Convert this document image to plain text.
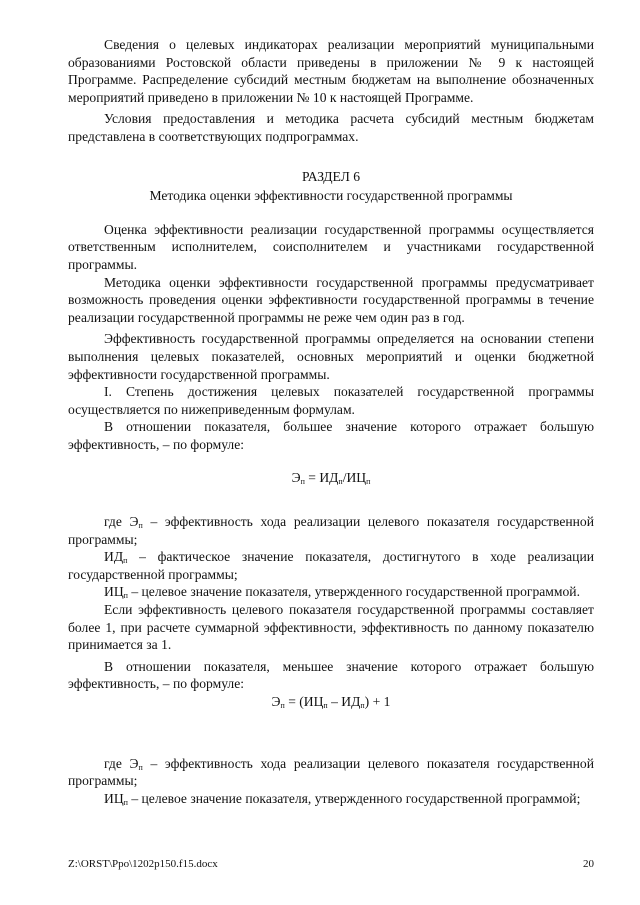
Сведения о целевых индикаторах реализации мероприятий муниципальными образованиями Ростовской области приведены в приложении № 9 к настоящей Программе. Распределение субсидий местным бюджетам на выполнение обозначенных мероприятий приведено в приложении № 10 к настоящей Программе.

Условия предоставления и методика расчета субсидий местным бюджетам представлена в соответствующих подпрограммах.

РАЗДЕЛ 6

Методика оценки эффективности государственной программы

Оценка эффективности реализации государственной программы осуществляется ответственным исполнителем, соисполнителем и участниками государственной программы.

Методика оценки эффективности государственной программы предусматривает возможность проведения оценки эффективности государственной программы в течение реализации государственной программы не реже чем один раз в год.

Эффективность государственной программы определяется на основании степени выполнения целевых показателей, основных мероприятий и оценки бюджетной эффективности государственной программы.

I. Степень достижения целевых показателей государственной программы осуществляется по нижеприведенным формулам.

В отношении показателя, большее значение которого отражает большую эффективность, – по формуле:

$Э_п = ИД_п/ИЦ_п$

где $Э_п$ – эффективность хода реализации целевого показателя государственной программы;

$ИД_п$ – фактическое значение показателя, достигнутого в ходе реализации государственной программы;

$ИЦ_п$ – целевое значение показателя, утвержденного государственной программой.

Если эффективность целевого показателя государственной программы составляет более 1, при расчете суммарной эффективности, эффективность по данному показателю принимается за 1.

В отношении показателя, меньшее значение которого отражает большую эффективность, – по формуле:

$Э_п = (ИЦ_п - ИД_п) + 1$

где $Э_п$ – эффективность хода реализации целевого показателя государственной программы;

$ИЦ_п$ – целевое значение показателя, утвержденного государственной программой;

Z:\ORST\Ppo\1202p150.f15.docx	20
